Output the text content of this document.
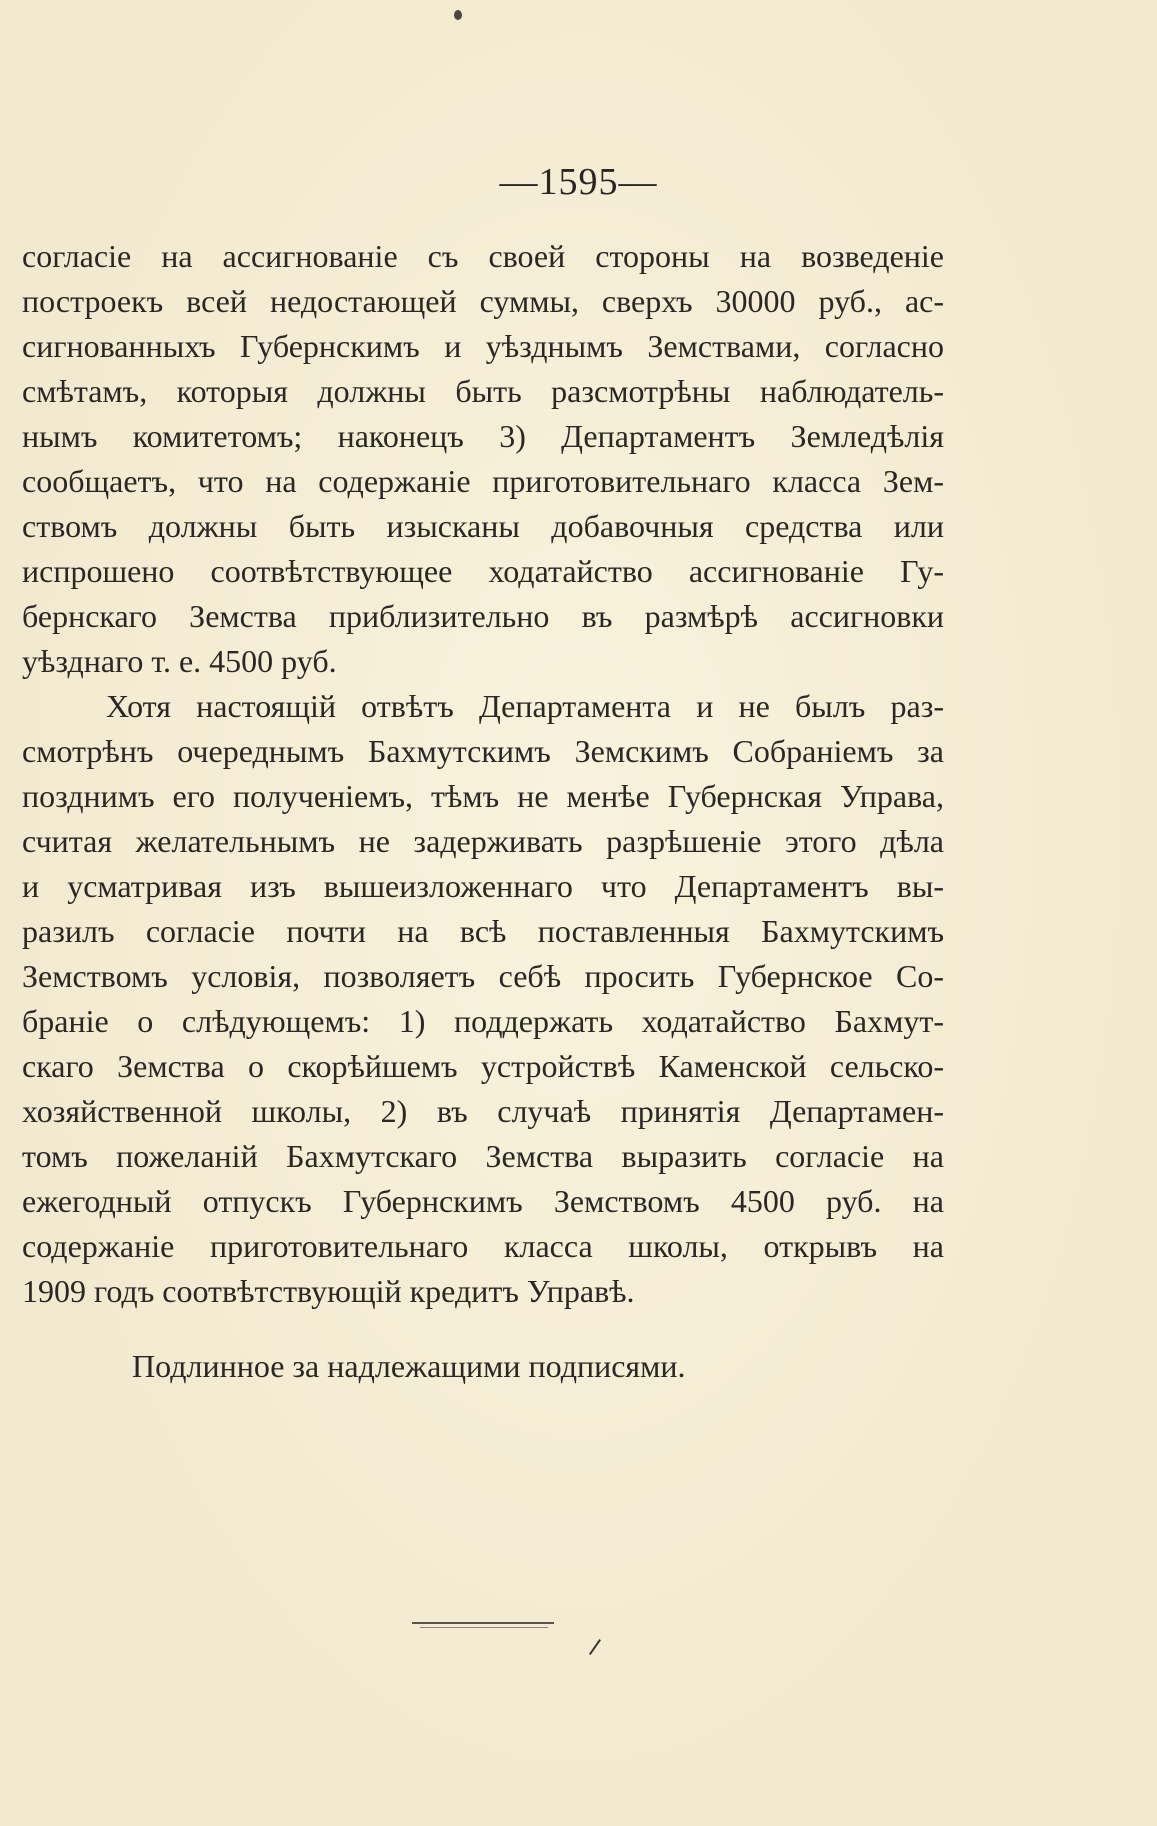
—1595—
согласіе на ассигнованіе съ своей стороны на возведеніе
построекъ всей недостающей суммы, сверхъ 30000 руб., ас-
сигнованныхъ Губернскимъ и уѣзднымъ Земствами, согласно
смѣтамъ, которыя должны быть разсмотрѣны наблюдатель-
нымъ комитетомъ; наконецъ 3) Департаментъ Земледѣлія
сообщаетъ, что на содержаніе приготовительнаго класса Зем-
ствомъ должны быть изысканы добавочныя средства или
испрошено соотвѣтствующее ходатайство ассигнованіе Гу-
бернскаго Земства приблизительно въ размѣрѣ ассигновки
уѣзднаго т. е. 4500 руб.
Хотя настоящій отвѣтъ Департамента и не былъ раз-
смотрѣнъ очереднымъ Бахмутскимъ Земскимъ Собраніемъ за
позднимъ его полученіемъ, тѣмъ не менѣе Губернская Управа,
считая желательнымъ не задерживать разрѣшеніе этого дѣла
и усматривая изъ вышеизложеннаго что Департаментъ вы-
разилъ согласіе почти на всѣ поставленныя Бахмутскимъ
Земствомъ условія, позволяетъ себѣ просить Губернское Со-
браніе о слѣдующемъ: 1) поддержать ходатайство Бахмут-
скаго Земства о скорѣйшемъ устройствѣ Каменской сельско-
хозяйственной школы, 2) въ случаѣ принятія Департамен-
томъ пожеланій Бахмутскаго Земства выразить согласіе на
ежегодный отпускъ Губернскимъ Земствомъ 4500 руб. на
содержаніе приготовительнаго класса школы, открывъ на
1909 годъ соотвѣтствующій кредитъ Управѣ.
Подлинное за надлежащими подписями.
